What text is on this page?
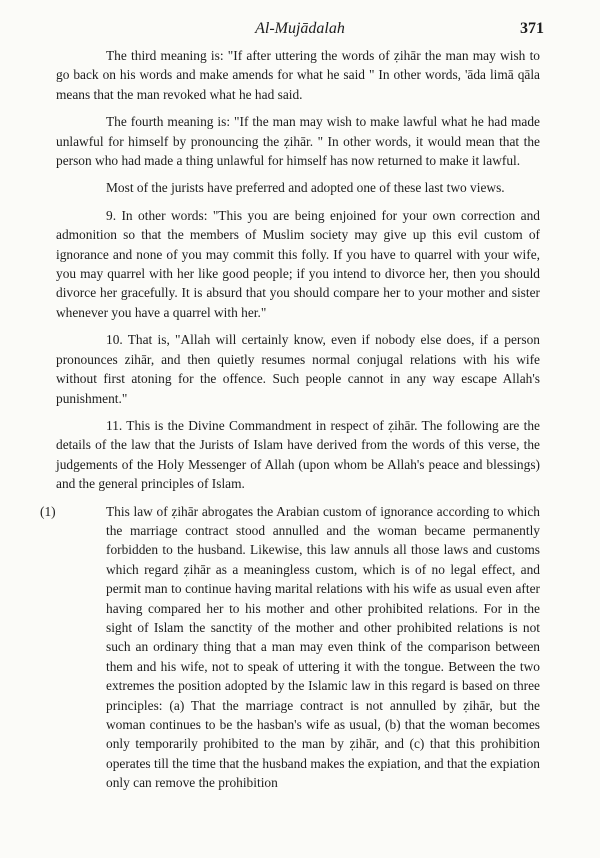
Al-Mujādalah	371

The third meaning is: "If after uttering the words of ẓihār the man may wish to go back on his words and make amends for what he said " In other words, 'āda limā qāla means that the man revoked what he had said.

The fourth meaning is: "If the man may wish to make lawful what he had made unlawful for himself by pronouncing the ẓihār. " In other words, it would mean that the person who had made a thing unlawful for himself has now returned to make it lawful.

Most of the jurists have preferred and adopted one of these last two views.

9. In other words: "This you are being enjoined for your own correction and admonition so that the members of Muslim society may give up this evil custom of ignorance and none of you may commit this folly. If you have to quarrel with your wife, you may quarrel with her like good people; if you intend to divorce her, then you should divorce her gracefully. It is absurd that you should compare her to your mother and sister whenever you have a quarrel with her."

10. That is, "Allah will certainly know, even if nobody else does, if a person pronounces zihār, and then quietly resumes normal conjugal relations with his wife without first atoning for the offence. Such people cannot in any way escape Allah's punishment."

11. This is the Divine Commandment in respect of ẓihār. The following are the details of the law that the Jurists of Islam have derived from the words of this verse, the judgements of the Holy Messenger of Allah (upon whom be Allah's peace and blessings) and the general principles of Islam.

(1)	This law of ẓihār abrogates the Arabian custom of ignorance according to which the marriage contract stood annulled and the woman became permanently forbidden to the husband. Likewise, this law annuls all those laws and customs which regard ẓihār as a meaningless custom, which is of no legal effect, and permit man to continue having marital relations with his wife as usual even after having compared her to his mother and other prohibited relations. For in the sight of Islam the sanctity of the mother and other prohibited relations is not such an ordinary thing that a man may even think of the comparison between them and his wife, not to speak of uttering it with the tongue. Between the two extremes the position adopted by the Islamic law in this regard is based on three principles: (a) That the marriage contract is not annulled by ẓihār, but the woman continues to be the hasban's wife as usual, (b) that the woman becomes only temporarily prohibited to the man by ẓihār, and (c) that this prohibition operates till the time that the husband makes the expiation, and that the expiation only can remove the prohibition
